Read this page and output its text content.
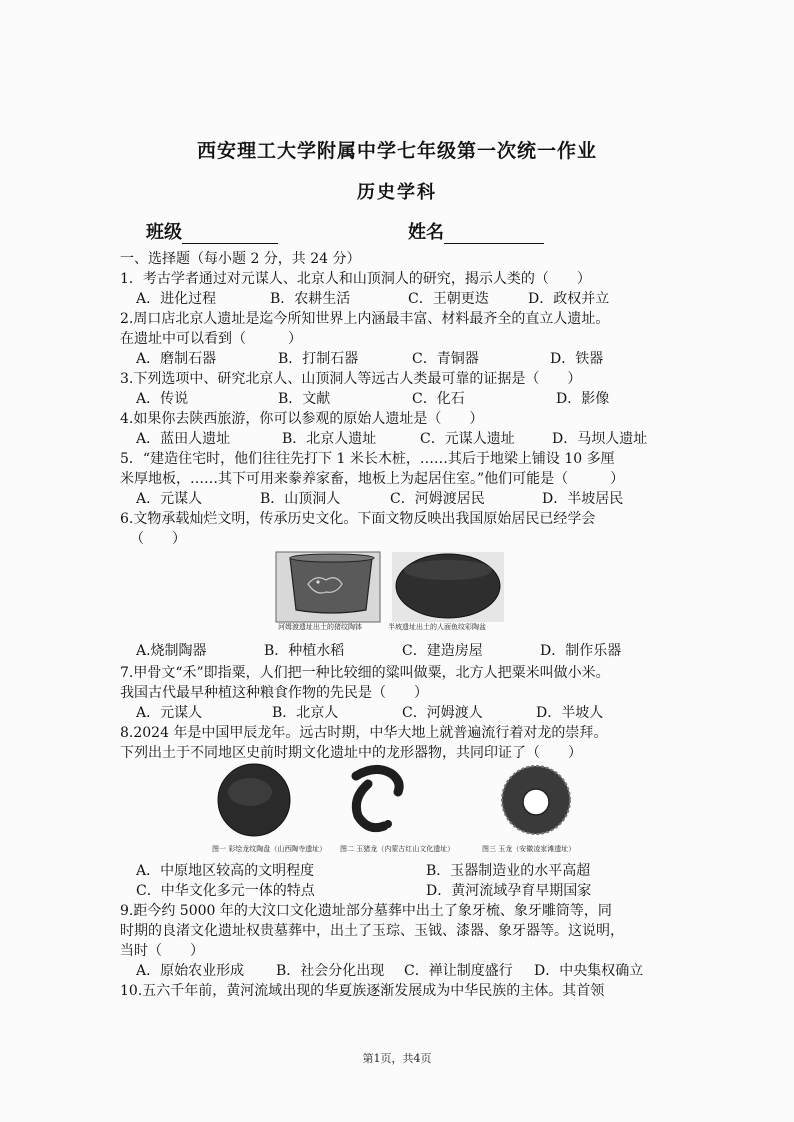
西安理工大学附属中学七年级第一次统一作业
历史学科
班级	姓名
一、选择题（每小题 2 分，共 24 分）
1．考古学者通过对元谋人、北京人和山顶洞人的研究，揭示人类的（　　）
A．进化过程	B．农耕生活	C．王朝更迭	D．政权并立
2.周口店北京人遗址是迄今所知世界上内涵最丰富、材料最齐全的直立人遗址。
在遗址中可以看到（　　　）
A．磨制石器	B．打制石器	C．青铜器	D．铁器
3.下列选项中、研究北京人、山顶洞人等远古人类最可靠的证据是（　　）
A．传说	B．文献	C．化石	D．影像
4.如果你去陕西旅游，你可以参观的原始人遗址是（　　）
A．蓝田人遗址	B．北京人遗址	C．元谋人遗址	D．马坝人遗址
5．“建造住宅时，他们往往先打下 1 米长木桩，……其后于地梁上铺设 10 多厘
米厚地板，……其下可用来豢养家畜，地板上为起居住室。”他们可能是（　　　）
A．元谋人	B．山顶洞人	C．河姆渡居民	D．半坡居民
6.文物承载灿烂文明，传承历史文化。下面文物反映出我国原始居民已经学会
（　　）
河姆渡遗址出土的猪纹陶钵	半坡遗址出土的人面鱼纹彩陶盆
A.烧制陶器	B．种植水稻	C．建造房屋	D．制作乐器
7.甲骨文“禾”即指粟，人们把一种比较细的粱叫做粟，北方人把粟米叫做小米。
我国古代最早种植这种粮食作物的先民是（　　）
A．元谋人	B．北京人	C．河姆渡人	D．半坡人
8.2024 年是中国甲辰龙年。远古时期，中华大地上就普遍流行着对龙的崇拜。
下列出土于不同地区史前时期文化遗址中的龙形器物，共同印证了（　　）
图一 彩绘龙纹陶盘（山西陶寺遗址） 图二 玉猪龙（内蒙古红山文化遗址）	图三 玉龙（安徽凌家滩遗址）
A．中原地区较高的文明程度	B．玉器制造业的水平高超
C．中华文化多元一体的特点	D．黄河流域孕育早期国家
9.距今约 5000 年的大汶口文化遗址部分墓葬中出土了象牙梳、象牙雕筒等，同
时期的良渚文化遗址权贵墓葬中，出土了玉琮、玉钺、漆器、象牙器等。这说明，
当时（　　）
A．原始农业形成 B．社会分化出现 C．禅让制度盛行 D．中央集权确立
10.五六千年前，黄河流域出现的华夏族逐渐发展成为中华民族的主体。其首领
第1页，共4页
